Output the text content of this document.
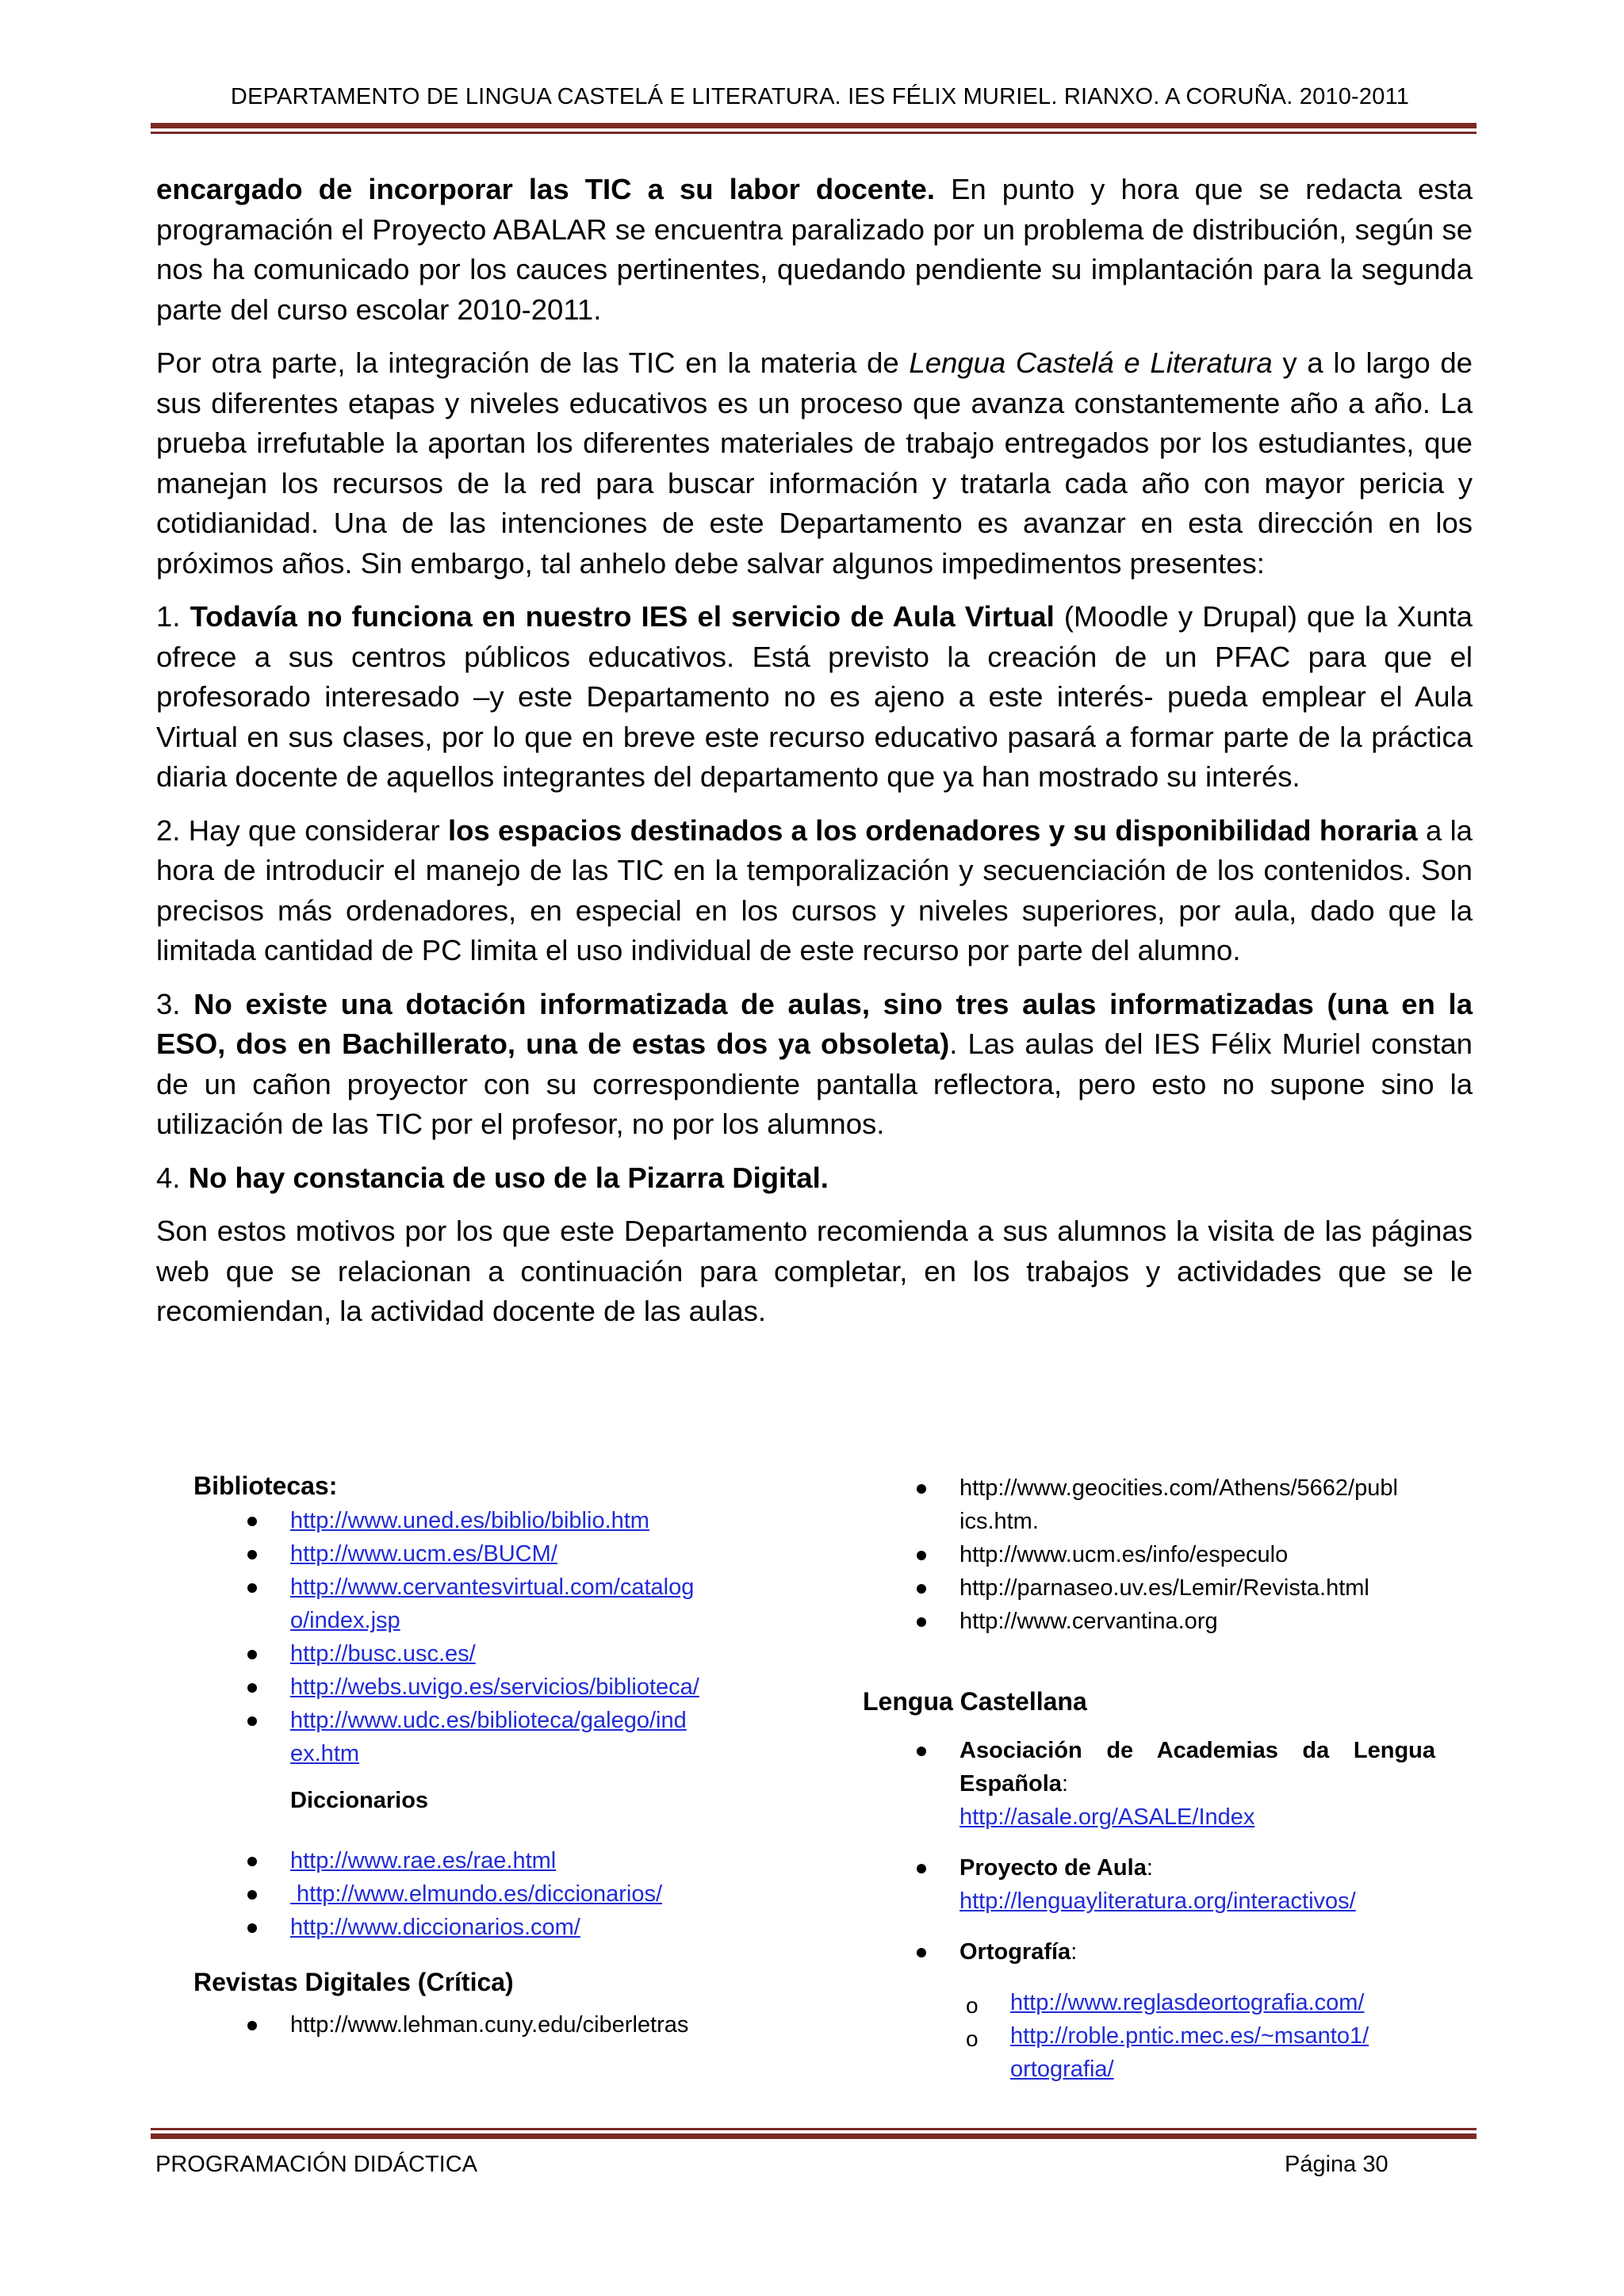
DEPARTAMENTO DE LINGUA CASTELÁ E LITERATURA. IES FÉLIX MURIEL. RIANXO. A CORUÑA. 2010-2011

encargado de incorporar las TIC a su labor docente. En punto y hora que se redacta esta programación el Proyecto ABALAR se encuentra paralizado por un problema de distribución, según se nos ha comunicado por los cauces pertinentes, quedando pendiente su implantación para la segunda parte del curso escolar 2010-2011.

Por otra parte, la integración de las TIC en la materia de Lengua Castelá e Literatura y a lo largo de sus diferentes etapas y niveles educativos es un proceso que avanza constantemente año a año. La prueba irrefutable la aportan los diferentes materiales de trabajo entregados por los estudiantes, que manejan los recursos de la red para buscar información y tratarla cada año con mayor pericia y cotidianidad. Una de las intenciones de este Departamento es avanzar en esta dirección en los próximos años. Sin embargo, tal anhelo debe salvar algunos impedimentos presentes:

1. Todavía no funciona en nuestro IES el servicio de Aula Virtual (Moodle y Drupal) que la Xunta ofrece a sus centros públicos educativos. Está previsto la creación de un PFAC para que el profesorado interesado –y este Departamento no es ajeno a este interés- pueda emplear el Aula Virtual en sus clases, por lo que en breve este recurso educativo pasará a formar parte de la práctica diaria docente de aquellos integrantes del departamento que ya han mostrado su interés.

2. Hay que considerar los espacios destinados a los ordenadores y su disponibilidad horaria a la hora de introducir el manejo de las TIC en la temporalización y secuenciación de los contenidos. Son precisos más ordenadores, en especial en los cursos y niveles superiores, por aula, dado que la limitada cantidad de PC limita el uso individual de este recurso por parte del alumno.

3. No existe una dotación informatizada de aulas, sino tres aulas informatizadas (una en la ESO, dos en Bachillerato, una de estas dos ya obsoleta). Las aulas del IES Félix Muriel constan de un cañon proyector con su correspondiente pantalla reflectora, pero esto no supone sino la utilización de las TIC por el profesor, no por los alumnos.

4. No hay constancia de uso de la Pizarra Digital.

Son estos motivos por los que este Departamento recomienda a sus alumnos la visita de las páginas web que se relacionan a continuación para completar, en los trabajos y actividades que se le recomiendan, la actividad docente de las aulas.

Bibliotecas:
http://www.uned.es/biblio/biblio.htm
http://www.ucm.es/BUCM/
http://www.cervantesvirtual.com/catalog
o/index.jsp
http://busc.usc.es/
http://webs.uvigo.es/servicios/biblioteca/
http://www.udc.es/biblioteca/galego/ind
ex.htm
Diccionarios
http://www.rae.es/rae.html
http://www.elmundo.es/diccionarios/
http://www.diccionarios.com/
Revistas Digitales (Crítica)
http://www.lehman.cuny.edu/ciberletras
http://www.geocities.com/Athens/5662/publ
ics.htm.
http://www.ucm.es/info/especulo
http://parnaseo.uv.es/Lemir/Revista.html
http://www.cervantina.org
Lengua Castellana
Asociación de Academias da Lengua
Española:
http://asale.org/ASALE/Index
Proyecto de Aula:
http://lenguayliteratura.org/interactivos/
Ortografía:
o http://www.reglasdeortografia.com/
o http://roble.pntic.mec.es/~msanto1/
ortografia/
PROGRAMACIÓN DIDÁCTICA	Página 30
